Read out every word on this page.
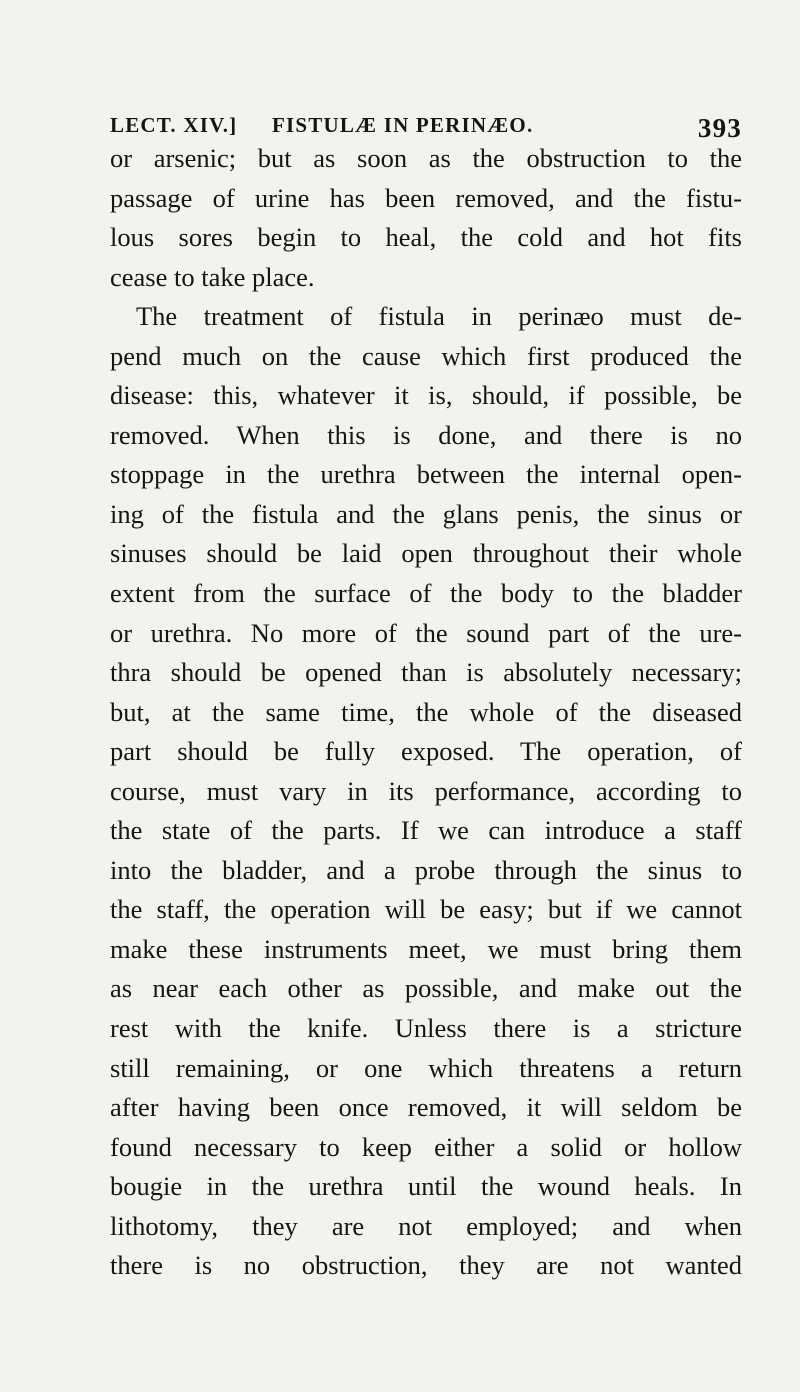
LECT. XIV.] FISTULÆ IN PERINÆO.	393
or arsenic; but as soon as the obstruction to the
passage of urine has been removed, and the fistu-
lous sores begin to heal, the cold and hot fits
cease to take place.
The treatment of fistula in perinæo must de-
pend much on the cause which first produced the
disease: this, whatever it is, should, if possible, be
removed. When this is done, and there is no
stoppage in the urethra between the internal open-
ing of the fistula and the glans penis, the sinus or
sinuses should be laid open throughout their whole
extent from the surface of the body to the bladder
or urethra. No more of the sound part of the ure-
thra should be opened than is absolutely necessary;
but, at the same time, the whole of the diseased
part should be fully exposed. The operation, of
course, must vary in its performance, according to
the state of the parts. If we can introduce a staff
into the bladder, and a probe through the sinus to
the staff, the operation will be easy; but if we cannot
make these instruments meet, we must bring them
as near each other as possible, and make out the
rest with the knife. Unless there is a stricture
still remaining, or one which threatens a return
after having been once removed, it will seldom be
found necessary to keep either a solid or hollow
bougie in the urethra until the wound heals. In
lithotomy, they are not employed; and when
there is no obstruction, they are not wanted
